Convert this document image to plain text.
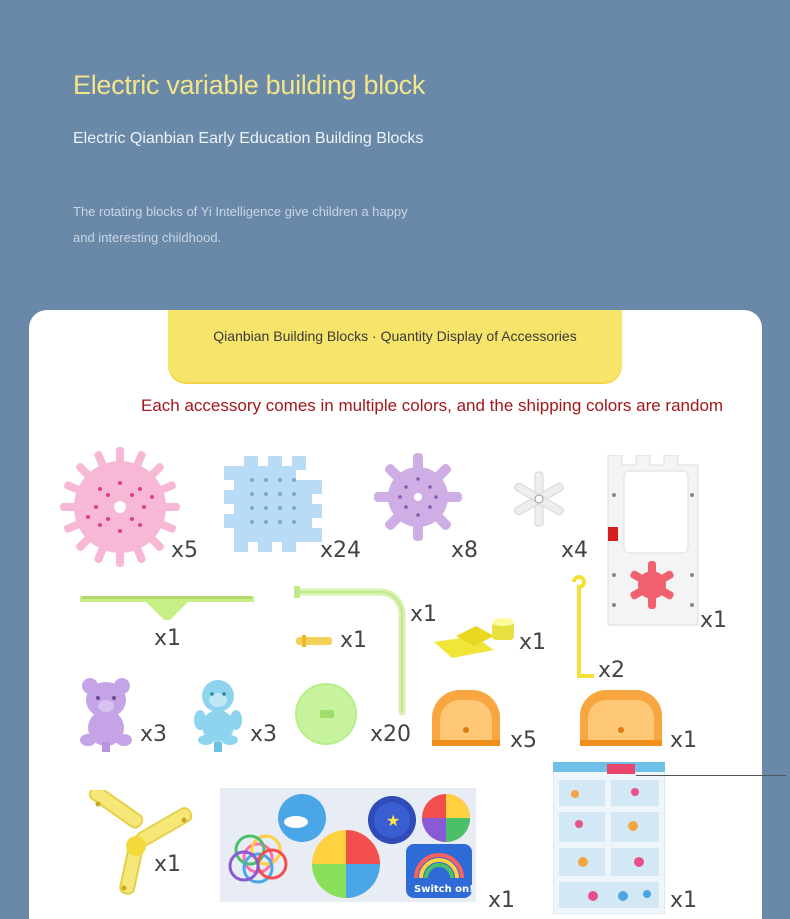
Electric variable building block
Electric Qianbian Early Education Building Blocks
The rotating blocks of Yi Intelligence give children a happy and interesting childhood.
Qianbian Building Blocks · Quantity Display of Accessories
Each accessory comes in multiple colors, and the shipping colors are random
x5	x24	x8	x4
x1
x1
x1
x1	x1
x2
x3	x3	x20	x5	x1
x1
★
Switch on! x1	x1
